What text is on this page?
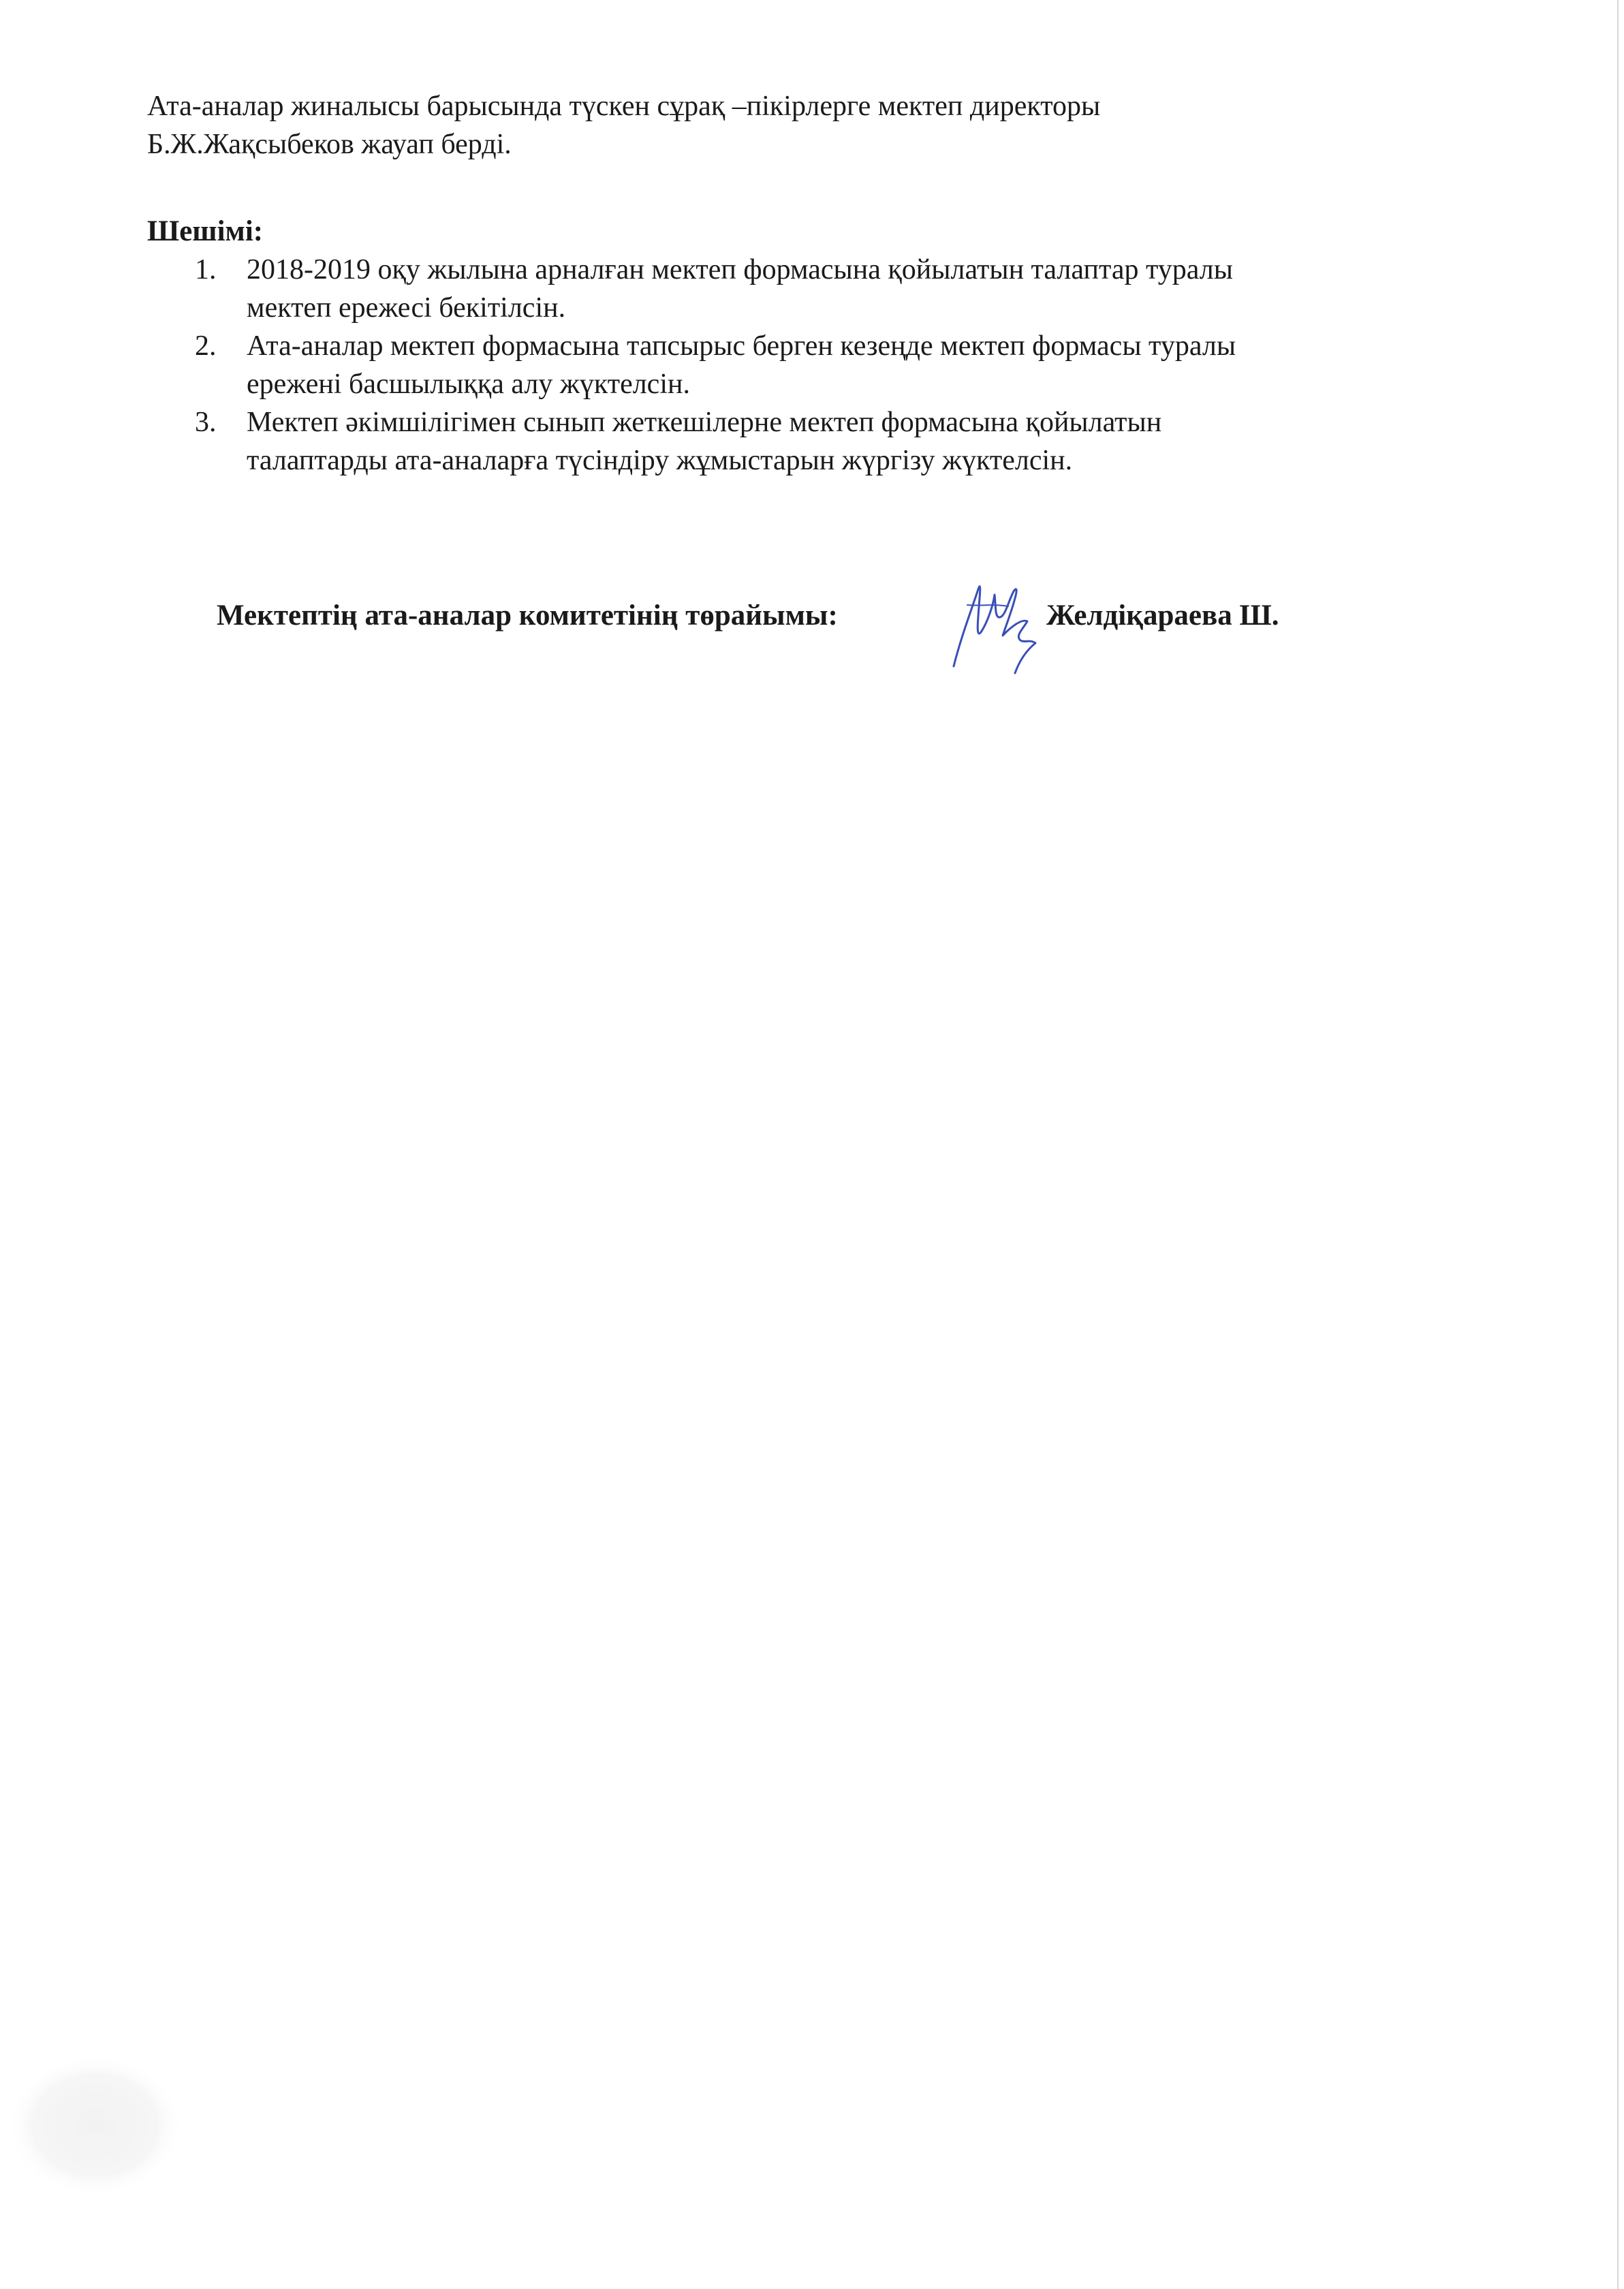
Ата-аналар жиналысы барысында түскен сұрақ –пікірлерге мектеп директоры
Б.Ж.Жақсыбеков жауап берді.
Шешімі:
1. 2018-2019 оқу жылына арналған мектеп формасына қойылатын талаптар туралы
мектеп ережесі бекітілсін.
2. Ата-аналар мектеп формасына тапсырыс берген кезеңде мектеп формасы туралы
ережені басшылыққа алу жүктелсін.
3. Мектеп әкімшілігімен сынып жеткешілерне мектеп формасына қойылатын
талаптарды ата-аналарға түсіндіру жұмыстарын жүргізу жүктелсін.
Мектептің ата-аналар комитетінің төрайымы:	Желдіқараева Ш.
